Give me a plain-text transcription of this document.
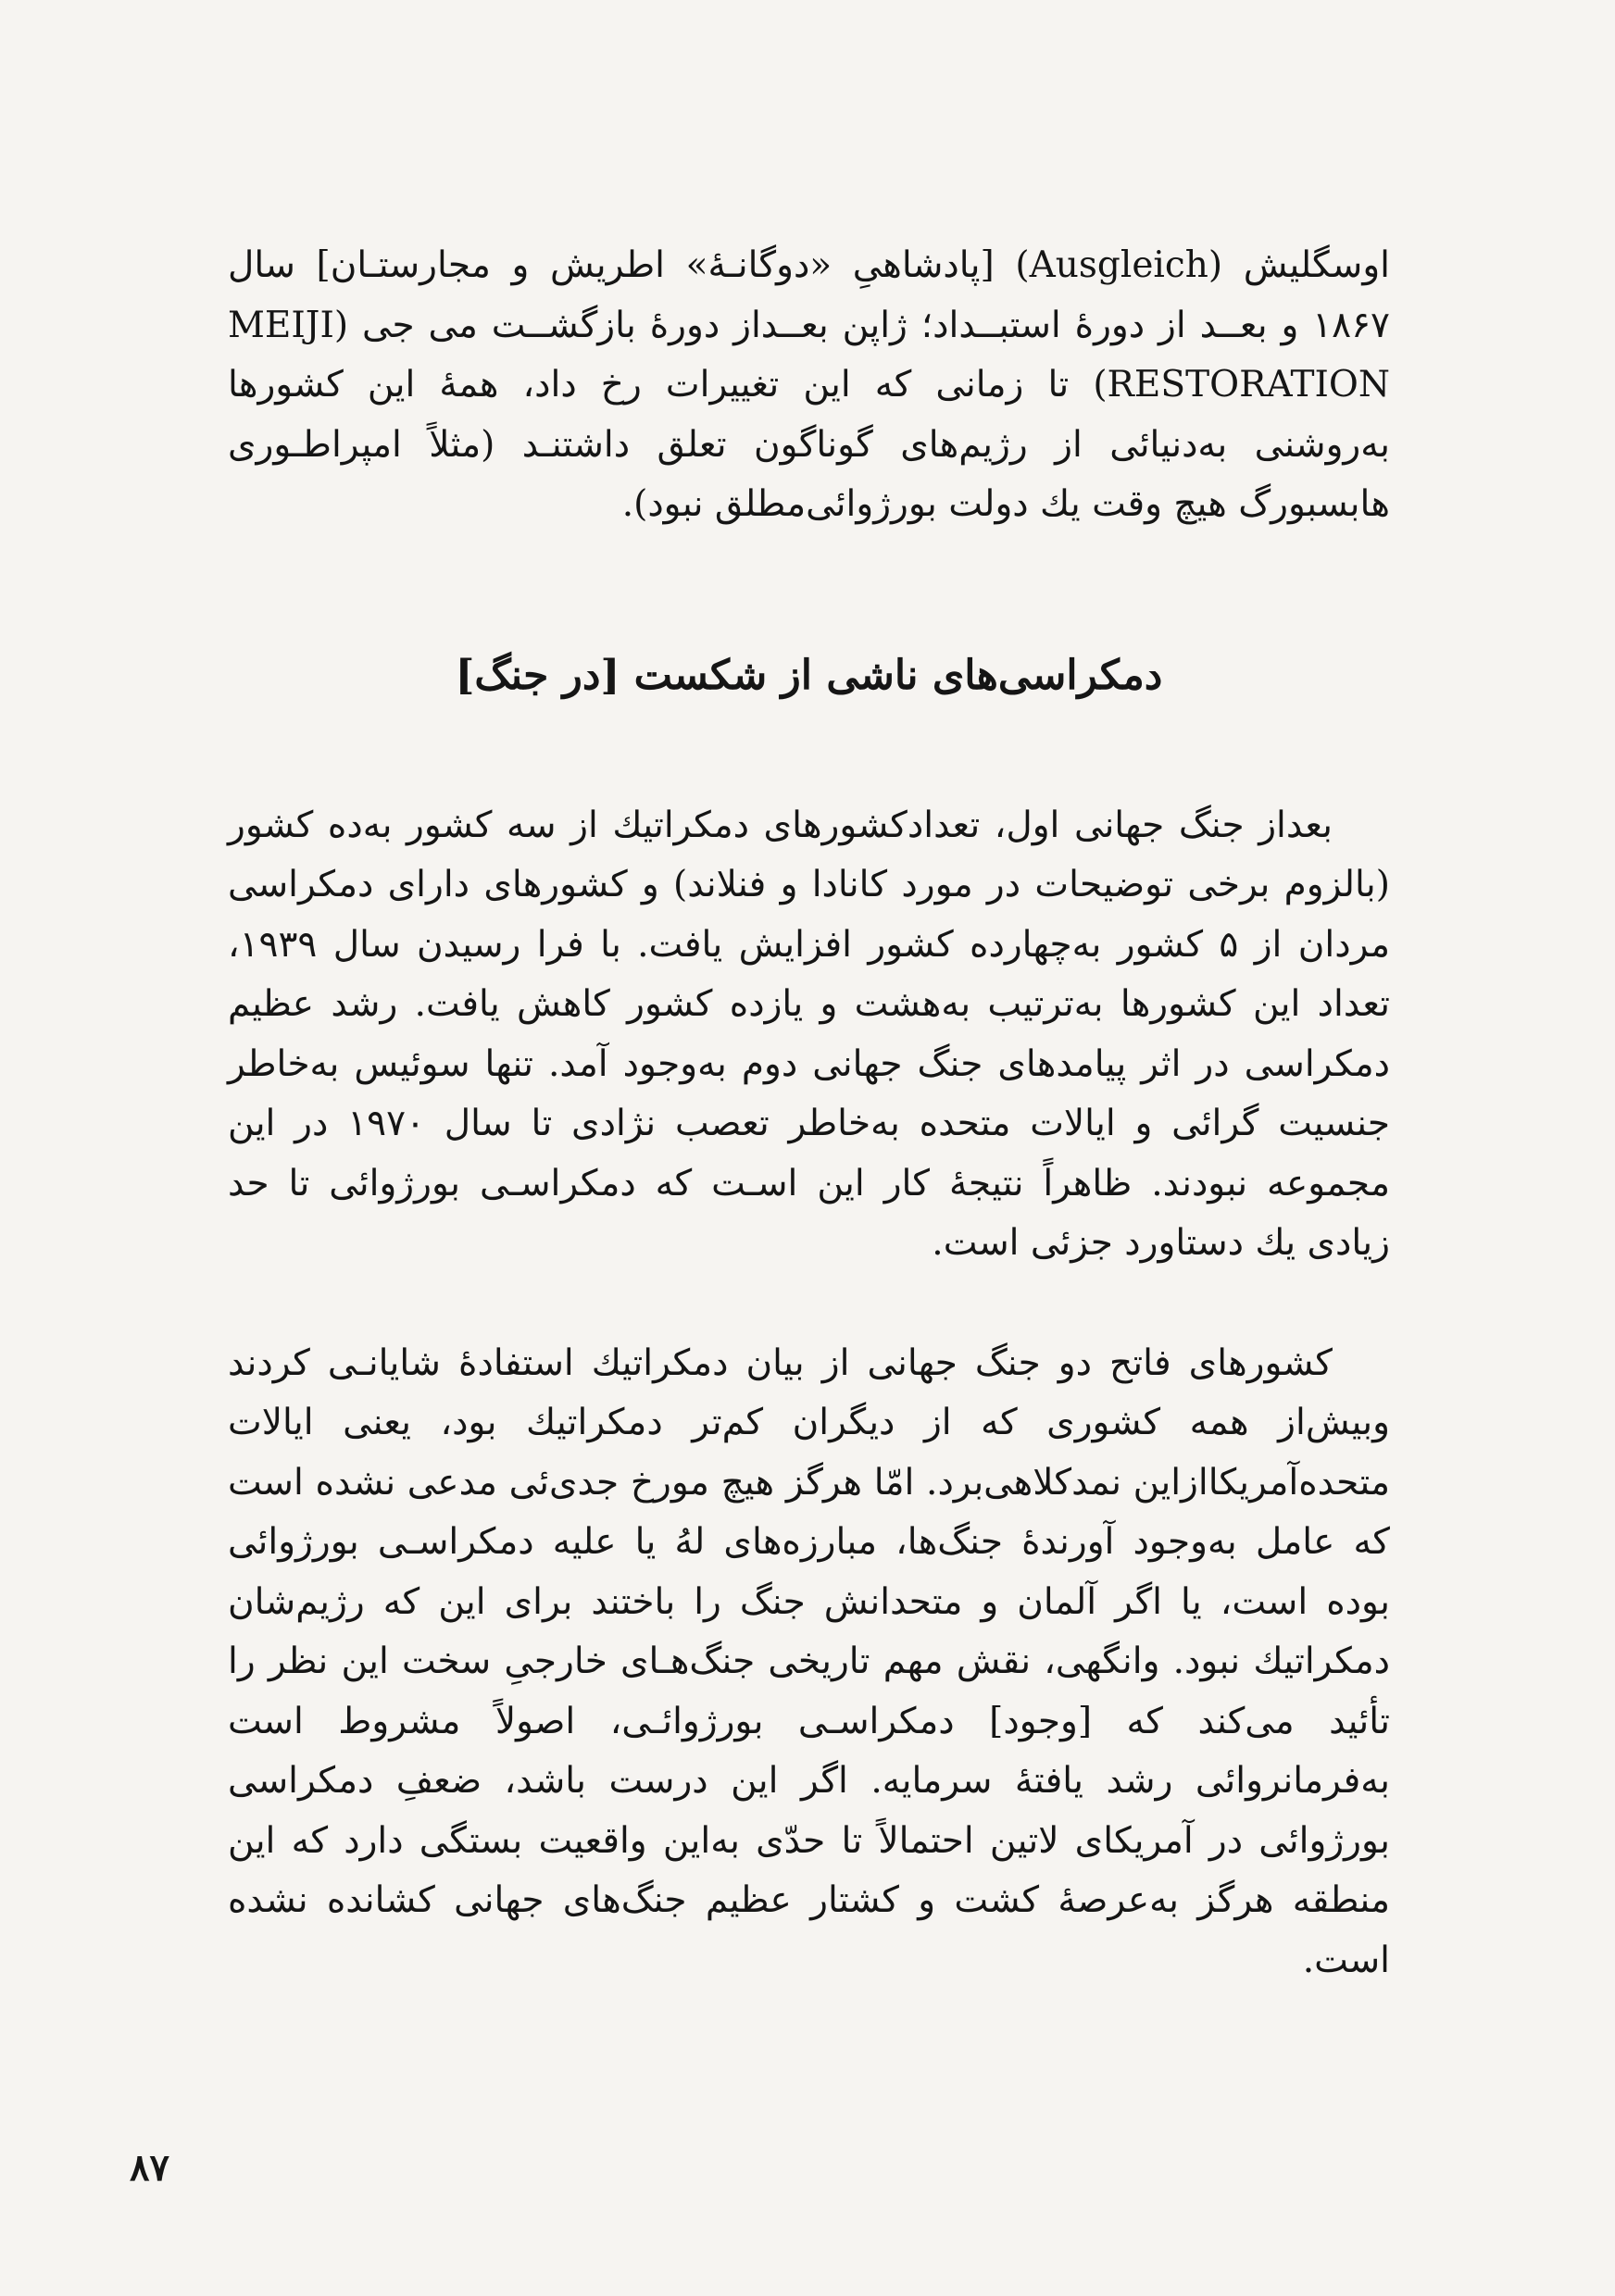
اوسگلیش (Ausgleich) [پادشاهیِ «دوگانـهٔ» اطریش و مجارستـان] سال ۱۸۶۷ و بعــد از دورهٔ استبــداد؛ ژاپن بعــداز دورهٔ بازگشــت می جی (MEIJI RESTORATION) تا زمانی که این تغییرات رخ داد، همهٔ این کشورها به‌روشنی به‌دنیائی از رژیم‌های گوناگون تعلق داشتنـد (مثلاً امپراطـوری هابسبورگ هیچ وقت یك دولت بورژوائی‌مطلق نبود).

دمکراسی‌های ناشی از شکست [در جنگ]

بعداز جنگ جهانی اول، تعدادکشورهای دمکراتیك از سه کشور به‌ده کشور (بالزوم برخی توضیحات در مورد کانادا و فنلاند) و کشورهای دارای دمکراسی مردان از ۵ کشور به‌چهارده کشور افزایش یافت. با فرا رسیدن سال ۱۹۳۹، تعداد این کشورها به‌ترتیب به‌هشت و یازده کشور کاهش یافت. رشد عظیم دمکراسی در اثر پیامدهای جنگ جهانی دوم به‌وجود آمد. تنها سوئیس به‌خاطر جنسیت گرائی و ایالات متحده به‌خاطر تعصب نژادی تا سال ۱۹۷۰ در این مجموعه نبودند. ظاهراً نتیجهٔ کار این اسـت که دمکراسـی بورژوائی تا حد زیادی یك دستاورد جزئی است.

کشورهای فاتح دو جنگ جهانی از بیان دمکراتیك استفادهٔ شایانـی کردند وبیش‌از همه کشوری که از دیگران کم‌تر دمکراتیك بود، یعنی ایالات متحده‌آمریکاازاین نمدکلاهی‌برد. امّا هرگز هیچ مورخ جدی‌ئی مدعی نشده است که عامل به‌وجود آورندهٔ جنگ‌ها، مبارزه‌های لهُ یا علیه دمکراسـی بورژوائی بوده است، یا اگر آلمان و متحدانش جنگ را باختند برای این که رژیم‌شان دمکراتیك نبود. وانگهی، نقش مهم تاریخی جنگ‌هـای خارجیِ سخت این نظر را تأئید می‌کند که [وجود] دمکراسـی بورژوائـی، اصولاً مشروط است به‌فرمانروائی رشد یافتهٔ سرمایه. اگر این درست باشد، ضعفِ دمکراسی بورژوائی در آمریکای لاتین احتمالاً تا حدّی به‌این واقعیت بستگی دارد که این منطقه هرگز به‌عرصهٔ کشت و کشتار عظیم جنگ‌های جهانی کشانده نشده است.

۸۷
